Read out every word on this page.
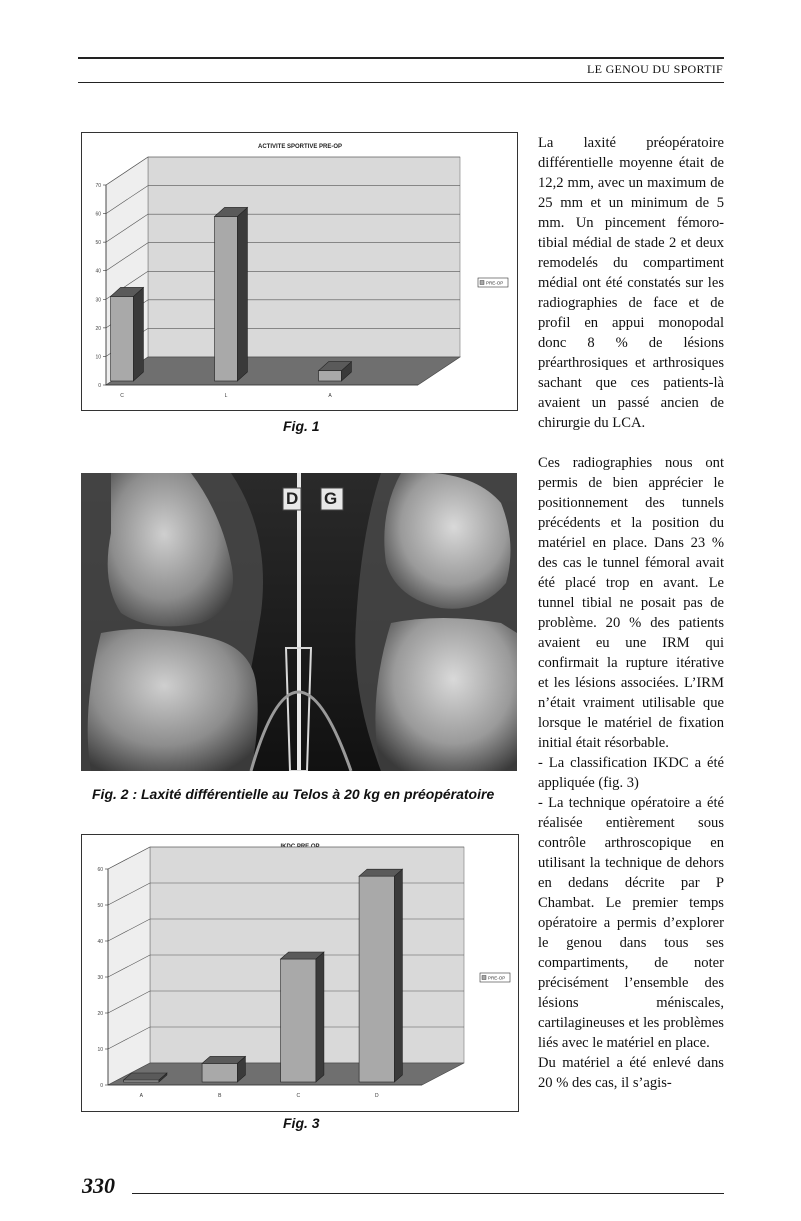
LE GENOU DU SPORTIF
ACTIVITE SPORTIVE PRE-OP
0
10
20
30
40
50
60
70
C	L	A
PRE-OP
Fig. 1
D G
Fig. 2 : Laxité différentielle au Telos à 20 kg en préopératoire
0
10
20
30
40
50
60
A	B	C	D
PRE-OP
Fig. 3

La laxité préopératoire différentielle moyenne était de 12,2 mm, avec un maximum de 25 mm et un minimum de 5 mm. Un pincement fémoro-tibial médial de stade 2 et deux remodelés du compartiment médial ont été constatés sur les radiographies de face et de profil en appui monopodal donc 8 % de lésions préarthrosiques et arthrosiques sachant que ces patients-là avaient un passé ancien de chirurgie du LCA.

Ces radiographies nous ont permis de bien apprécier le positionnement des tunnels précédents et la position du matériel en place. Dans 23 % des cas le tunnel fémoral avait été placé trop en avant. Le tunnel tibial ne posait pas de problème. 20 % des patients avaient eu une IRM qui confirmait la rupture itérative et les lésions associées. L’IRM n’était vraiment utilisable que lorsque le matériel de fixation initial était résorbable.

- La classification IKDC a été appliquée (fig. 3)

- La technique opératoire a été réalisée entièrement sous contrôle arthroscopique en utilisant la technique de dehors en dedans décrite par P Chambat. Le premier temps opératoire a permis d’explorer le genou dans tous ses compartiments, de noter précisément l’ensemble des lésions méniscales, cartilagineuses et les problèmes liés avec le matériel en place.

Du matériel a été enlevé dans 20 % des cas, il s’agis-

330
